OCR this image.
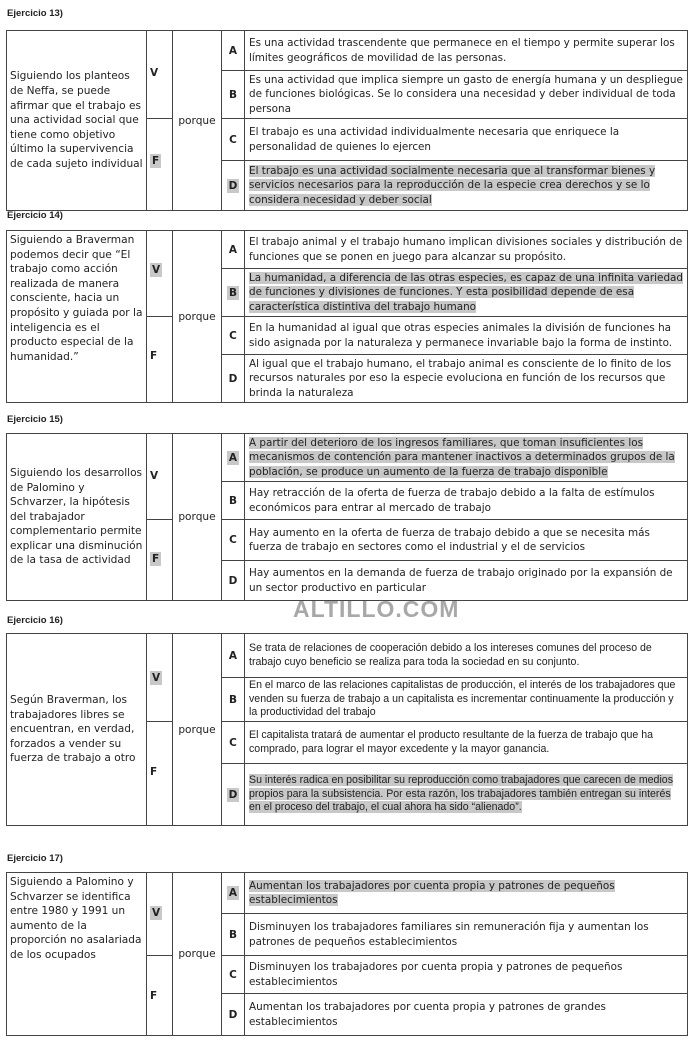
Ejercicio 13)
Siguiendo los planteos de Neffa, se puede afirmar que el trabajo es una actividad social que tiene como objetivo último la supervivencia de cada sujeto individual	V	porque	A	Es una actividad trascendente que permanece en el tiempo y permite superar los límites geográficos de movilidad de las personas.
			B	Es una actividad que implica siempre un gasto de energía humana y un despliegue de funciones biológicas. Se lo considera una necesidad y deber individual de toda persona
	F		C	El trabajo es una actividad individualmente necesaria que enriquece la personalidad de quienes lo ejercen
			D	El trabajo es una actividad socialmente necesaria que al transformar bienes y servicios necesarios para la reproducción de la especie crea derechos y se lo considera necesidad y deber social
Ejercicio 14)
Siguiendo a Braverman podemos decir que “El trabajo como acción realizada de manera consciente, hacia un propósito y guiada por la inteligencia es el producto especial de la humanidad.”	V	porque	A	El trabajo animal y el trabajo humano implican divisiones sociales y distribución de funciones que se ponen en juego para alcanzar su propósito.
			B	La humanidad, a diferencia de las otras especies, es capaz de una infinita variedad de funciones y divisiones de funciones. Y esta posibilidad depende de esa característica distintiva del trabajo humano
	F		C	En la humanidad al igual que otras especies animales la división de funciones ha sido asignada por la naturaleza y permanece invariable bajo la forma de instinto.
			D	Al igual que el trabajo humano, el trabajo animal es consciente de lo finito de los recursos naturales por eso la especie evoluciona en función de los recursos que brinda la naturaleza
Ejercicio 15)
Siguiendo los desarrollos de Palomino y Schvarzer, la hipótesis del trabajador complementario permite explicar una disminución de la tasa de actividad	V	porque	A	A partir del deterioro de los ingresos familiares, que toman insuficientes los mecanismos de contención para mantener inactivos a determinados grupos de la población, se produce un aumento de la fuerza de trabajo disponible
			B	Hay retracción de la oferta de fuerza de trabajo debido a la falta de estímulos económicos para entrar al mercado de trabajo
	F		C	Hay aumento en la oferta de fuerza de trabajo debido a que se necesita más fuerza de trabajo en sectores como el industrial y el de servicios
			D	Hay aumentos en la demanda de fuerza de trabajo originado por la expansión de un sector productivo en particular
ALTILLO.COM
Ejercicio 16)
Según Braverman, los trabajadores libres se encuentran, en verdad, forzados a vender su fuerza de trabajo a otro	V	porque	A	Se trata de relaciones de cooperación debido a los intereses comunes del proceso de trabajo cuyo beneficio se realiza para toda la sociedad en su conjunto.
			B	En el marco de las relaciones capitalistas de producción, el interés de los trabajadores que venden su fuerza de trabajo a un capitalista es incrementar continuamente la producción y la productividad del trabajo
	F		C	El capitalista tratará de aumentar el producto resultante de la fuerza de trabajo que ha comprado, para lograr el mayor excedente y la mayor ganancia.
			D	Su interés radica en posibilitar su reproducción como trabajadores que carecen de medios propios para la subsistencia. Por esta razón, los trabajadores también entregan su interés en el proceso del trabajo, el cual ahora ha sido “alienado”.
Ejercicio 17)
Siguiendo a Palomino y Schvarzer se identifica entre 1980 y 1991 un aumento de la proporción no asalariada de los ocupados	V	porque	A	Aumentan los trabajadores por cuenta propia y patrones de pequeños establecimientos
			B	Disminuyen los trabajadores familiares sin remuneración fija y aumentan los patrones de pequeños establecimientos
	F		C	Disminuyen los trabajadores por cuenta propia y patrones de pequeños establecimientos
			D	Aumentan los trabajadores por cuenta propia y patrones de grandes establecimientos
